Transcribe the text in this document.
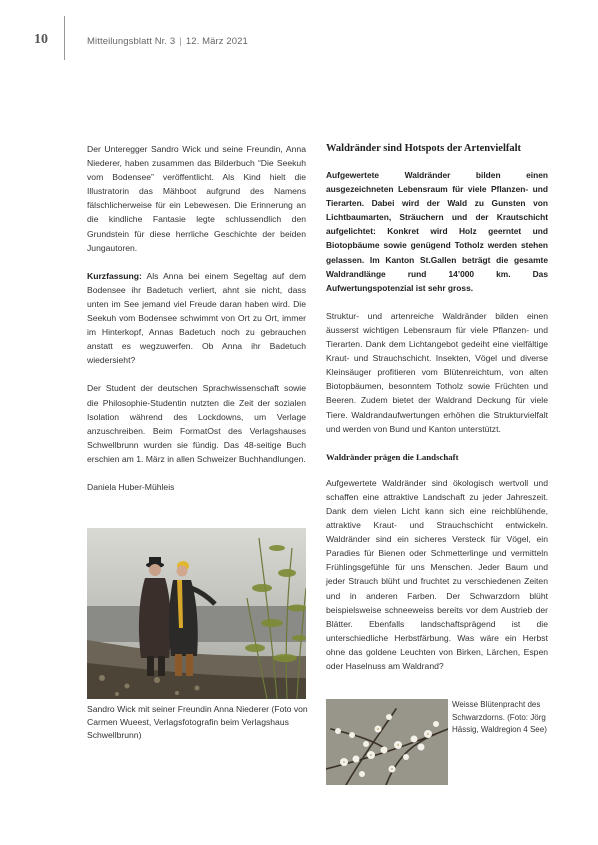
10	Mitteilungsblatt Nr. 3 | 12. März 2021

Der Unteregger Sandro Wick und seine Freundin, Anna Niederer, haben zusammen das Bilderbuch “Die Seekuh vom Bodensee” veröffentlicht. Als Kind hielt die Illustratorin das Mähboot aufgrund des Namens fälschlicherweise für ein Lebewesen. Die Erinnerung an die kindliche Fantasie legte schlussendlich den Grundstein für diese herrliche Geschichte der beiden Jungautoren.

Kurzfassung: Als Anna bei einem Segeltag auf dem Bodensee ihr Badetuch verliert, ahnt sie nicht, dass unten im See jemand viel Freude daran haben wird. Die Seekuh vom Bodensee schwimmt von Ort zu Ort, immer im Hinterkopf, Annas Badetuch noch zu gebrauchen anstatt es wegzuwerfen. Ob Anna ihr Badetuch wiedersieht?

Der Student der deutschen Sprachwissenschaft sowie die Philosophie-Studentin nutzten die Zeit der sozialen Isolation während des Lockdowns, um Verlage anzuschreiben. Beim FormatOst des Verlagshauses Schwellbrunn wurden sie fündig. Das 48-seitige Buch erschien am 1. März in allen Schweizer Buchhandlungen.

Daniela Huber-Mühleis

Sandro Wick mit seiner Freundin Anna Niederer (Foto von Carmen Wueest, Verlagsfotografin beim Verlagshaus Schwellbrunn)
Waldränder sind Hotspots der Artenvielfalt

Aufgewertete Waldränder bilden einen ausgezeichneten Lebensraum für viele Pflanzen- und Tierarten. Dabei wird der Wald zu Gunsten von Lichtbaumarten, Sträuchern und der Krautschicht aufgelichtet: Konkret wird Holz geerntet und Biotopbäume sowie genügend Totholz werden stehen gelassen. Im Kanton St.Gallen beträgt die gesamte Waldrandlänge rund 14’000 km. Das Aufwertungspotenzial ist sehr gross.

Struktur- und artenreiche Waldränder bilden einen äusserst wichtigen Lebensraum für viele Pflanzen- und Tierarten. Dank dem Lichtangebot gedeiht eine vielfältige Kraut- und Strauchschicht. Insekten, Vögel und diverse Kleinsäuger profitieren vom Blütenreichtum, von alten Biotopbäumen, besonntem Totholz sowie Früchten und Beeren. Zudem bietet der Waldrand Deckung für viele Tiere. Waldrandaufwertungen erhöhen die Strukturvielfalt und werden von Bund und Kanton unterstützt.

Waldränder prägen die Landschaft

Aufgewertete Waldränder sind ökologisch wertvoll und schaffen eine attraktive Landschaft zu jeder Jahreszeit. Dank dem vielen Licht kann sich eine reichblühende, attraktive Kraut- und Strauchschicht entwickeln. Waldränder sind ein sicheres Versteck für Vögel, ein Paradies für Bienen oder Schmetterlinge und vermitteln Frühlingsgefühle für uns Menschen. Jeder Baum und jeder Strauch blüht und fruchtet zu verschiedenen Zeiten und in anderen Farben. Der Schwarzdorn blüht beispielsweise schneeweiss bereits vor dem Austrieb der Blätter. Ebenfalls landschaftsprägend ist die unterschiedliche Herbstfärbung. Was wäre ein Herbst ohne das goldene Leuchten von Birken, Lärchen, Espen oder Haselnuss am Waldrand?

Weisse Blütenpracht des Schwarzdorns. (Foto: Jörg Hässig, Waldregion 4 See)
